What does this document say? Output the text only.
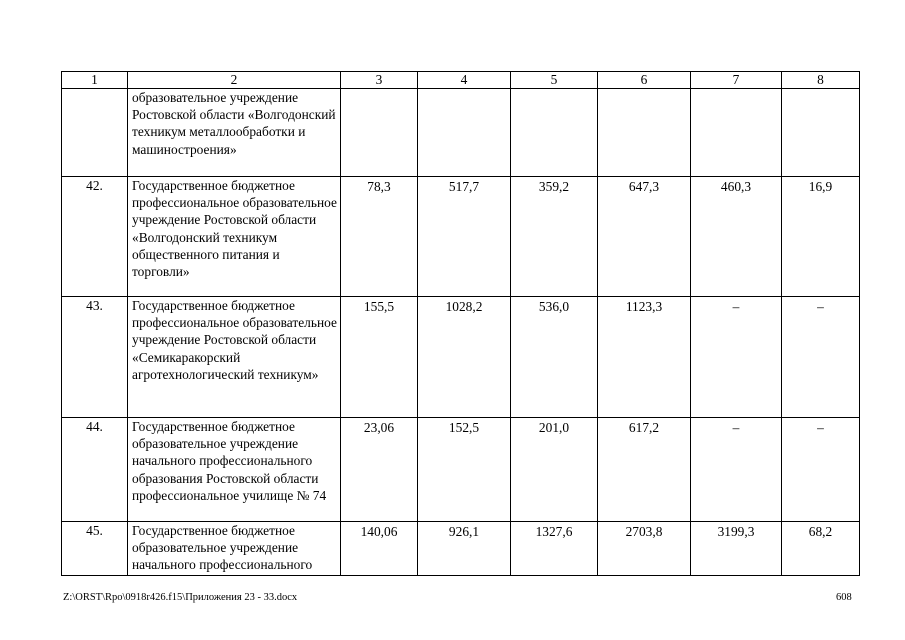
1	2	3	4	5	6	7	8
	образовательное учреждение Ростовской области «Волгодонский техникум металлообработки и машиностроения»						
42.	Государственное бюджетное профессиональное образовательное учреждение Ростовской области «Волгодонский техникум общественного питания и торговли»	78,3	517,7	359,2	647,3	460,3	16,9
43.	Государственное бюджетное профессиональное образовательное учреждение Ростовской области «Семикаракорский агротехнологический техникум»	155,5	1028,2	536,0	1123,3	–	–
44.	Государственное бюджетное образовательное учреждение начального профессионального образования Ростовской области профессиональное училище № 74	23,06	152,5	201,0	617,2	–	–
45.	Государственное бюджетное образовательное учреждение начального профессионального	140,06	926,1	1327,6	2703,8	3199,3	68,2
Z:\ORST\Rpo\0918r426.f15\Приложения 23 - 33.docx	608
